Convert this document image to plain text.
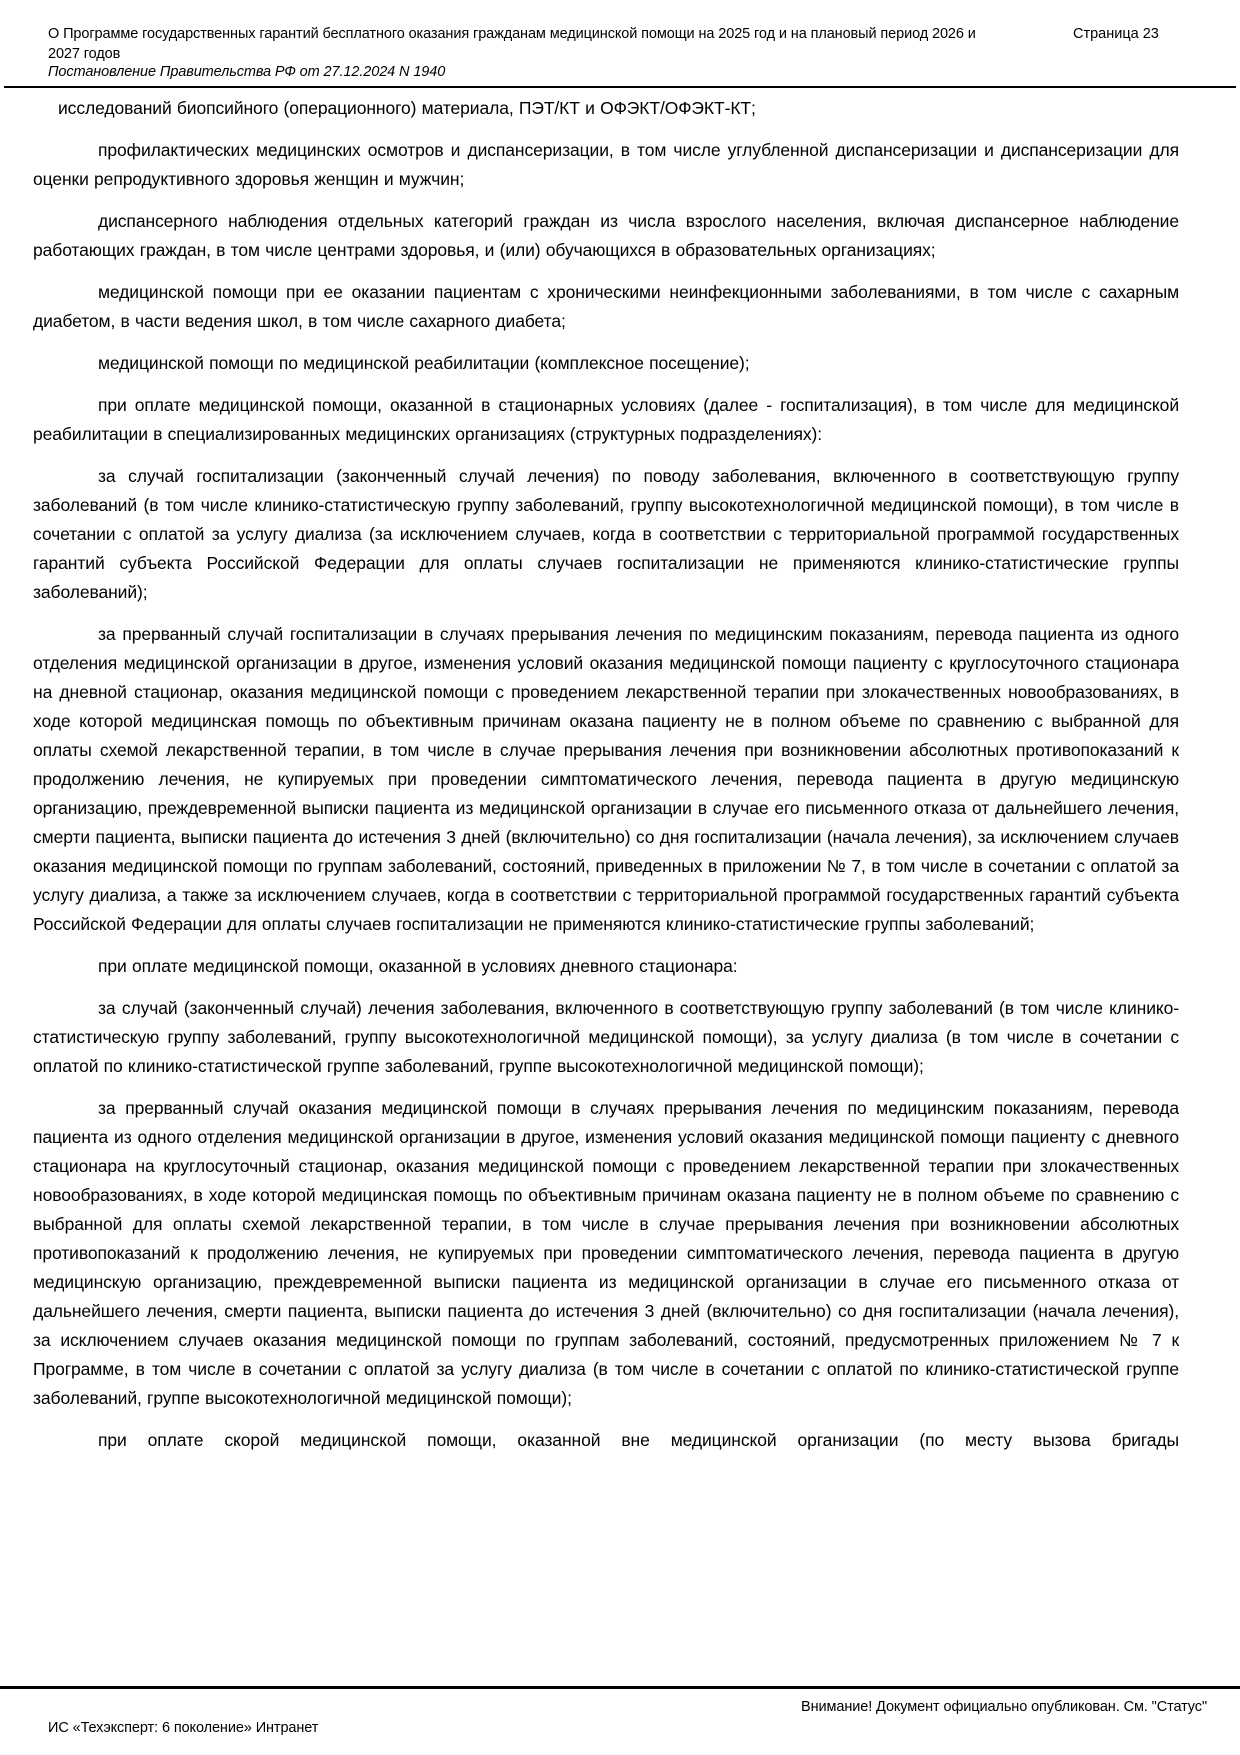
О Программе государственных гарантий бесплатного оказания гражданам медицинской помощи на 2025 год и на плановый период 2026 и 2027 годов
Страница 23
Постановление Правительства РФ от 27.12.2024 N 1940

исследований биопсийного (операционного) материала, ПЭТ/КТ и ОФЭКТ/ОФЭКТ-КТ;

профилактических медицинских осмотров и диспансеризации, в том числе углубленной диспансеризации и диспансеризации для оценки репродуктивного здоровья женщин и мужчин;

диспансерного наблюдения отдельных категорий граждан из числа взрослого населения, включая диспансерное наблюдение работающих граждан, в том числе центрами здоровья, и (или) обучающихся в образовательных организациях;

медицинской помощи при ее оказании пациентам с хроническими неинфекционными заболеваниями, в том числе с сахарным диабетом, в части ведения школ, в том числе сахарного диабета;

медицинской помощи по медицинской реабилитации (комплексное посещение);

при оплате медицинской помощи, оказанной в стационарных условиях (далее - госпитализация), в том числе для медицинской реабилитации в специализированных медицинских организациях (структурных подразделениях):

за случай госпитализации (законченный случай лечения) по поводу заболевания, включенного в соответствующую группу заболеваний (в том числе клинико-статистическую группу заболеваний, группу высокотехнологичной медицинской помощи), в том числе в сочетании с оплатой за услугу диализа (за исключением случаев, когда в соответствии с территориальной программой государственных гарантий субъекта Российской Федерации для оплаты случаев госпитализации не применяются клинико-статистические группы заболеваний);

за прерванный случай госпитализации в случаях прерывания лечения по медицинским показаниям, перевода пациента из одного отделения медицинской организации в другое, изменения условий оказания медицинской помощи пациенту с круглосуточного стационара на дневной стационар, оказания медицинской помощи с проведением лекарственной терапии при злокачественных новообразованиях, в ходе которой медицинская помощь по объективным причинам оказана пациенту не в полном объеме по сравнению с выбранной для оплаты схемой лекарственной терапии, в том числе в случае прерывания лечения при возникновении абсолютных противопоказаний к продолжению лечения, не купируемых при проведении симптоматического лечения, перевода пациента в другую медицинскую организацию, преждевременной выписки пациента из медицинской организации в случае его письменного отказа от дальнейшего лечения, смерти пациента, выписки пациента до истечения 3 дней (включительно) со дня госпитализации (начала лечения), за исключением случаев оказания медицинской помощи по группам заболеваний, состояний, приведенных в приложении № 7, в том числе в сочетании с оплатой за услугу диализа, а также за исключением случаев, когда в соответствии с территориальной программой государственных гарантий субъекта Российской Федерации для оплаты случаев госпитализации не применяются клинико-статистические группы заболеваний;

при оплате медицинской помощи, оказанной в условиях дневного стационара:

за случай (законченный случай) лечения заболевания, включенного в соответствующую группу заболеваний (в том числе клинико-статистическую группу заболеваний, группу высокотехнологичной медицинской помощи), за услугу диализа (в том числе в сочетании с оплатой по клинико-статистической группе заболеваний, группе высокотехнологичной медицинской помощи);

за прерванный случай оказания медицинской помощи в случаях прерывания лечения по медицинским показаниям, перевода пациента из одного отделения медицинской организации в другое, изменения условий оказания медицинской помощи пациенту с дневного стационара на круглосуточный стационар, оказания медицинской помощи с проведением лекарственной терапии при злокачественных новообразованиях, в ходе которой медицинская помощь по объективным причинам оказана пациенту не в полном объеме по сравнению с выбранной для оплаты схемой лекарственной терапии, в том числе в случае прерывания лечения при возникновении абсолютных противопоказаний к продолжению лечения, не купируемых при проведении симптоматического лечения, перевода пациента в другую медицинскую организацию, преждевременной выписки пациента из медицинской организации в случае его письменного отказа от дальнейшего лечения, смерти пациента, выписки пациента до истечения 3 дней (включительно) со дня госпитализации (начала лечения), за исключением случаев оказания медицинской помощи по группам заболеваний, состояний, предусмотренных приложением № 7 к Программе, в том числе в сочетании с оплатой за услугу диализа (в том числе в сочетании с оплатой по клинико-статистической группе заболеваний, группе высокотехнологичной медицинской помощи);

при оплате скорой медицинской помощи, оказанной вне медицинской организации (по месту вызова бригады

Внимание! Документ официально опубликован. См. "Статус"
ИС «Техэксперт: 6 поколение» Интранет
